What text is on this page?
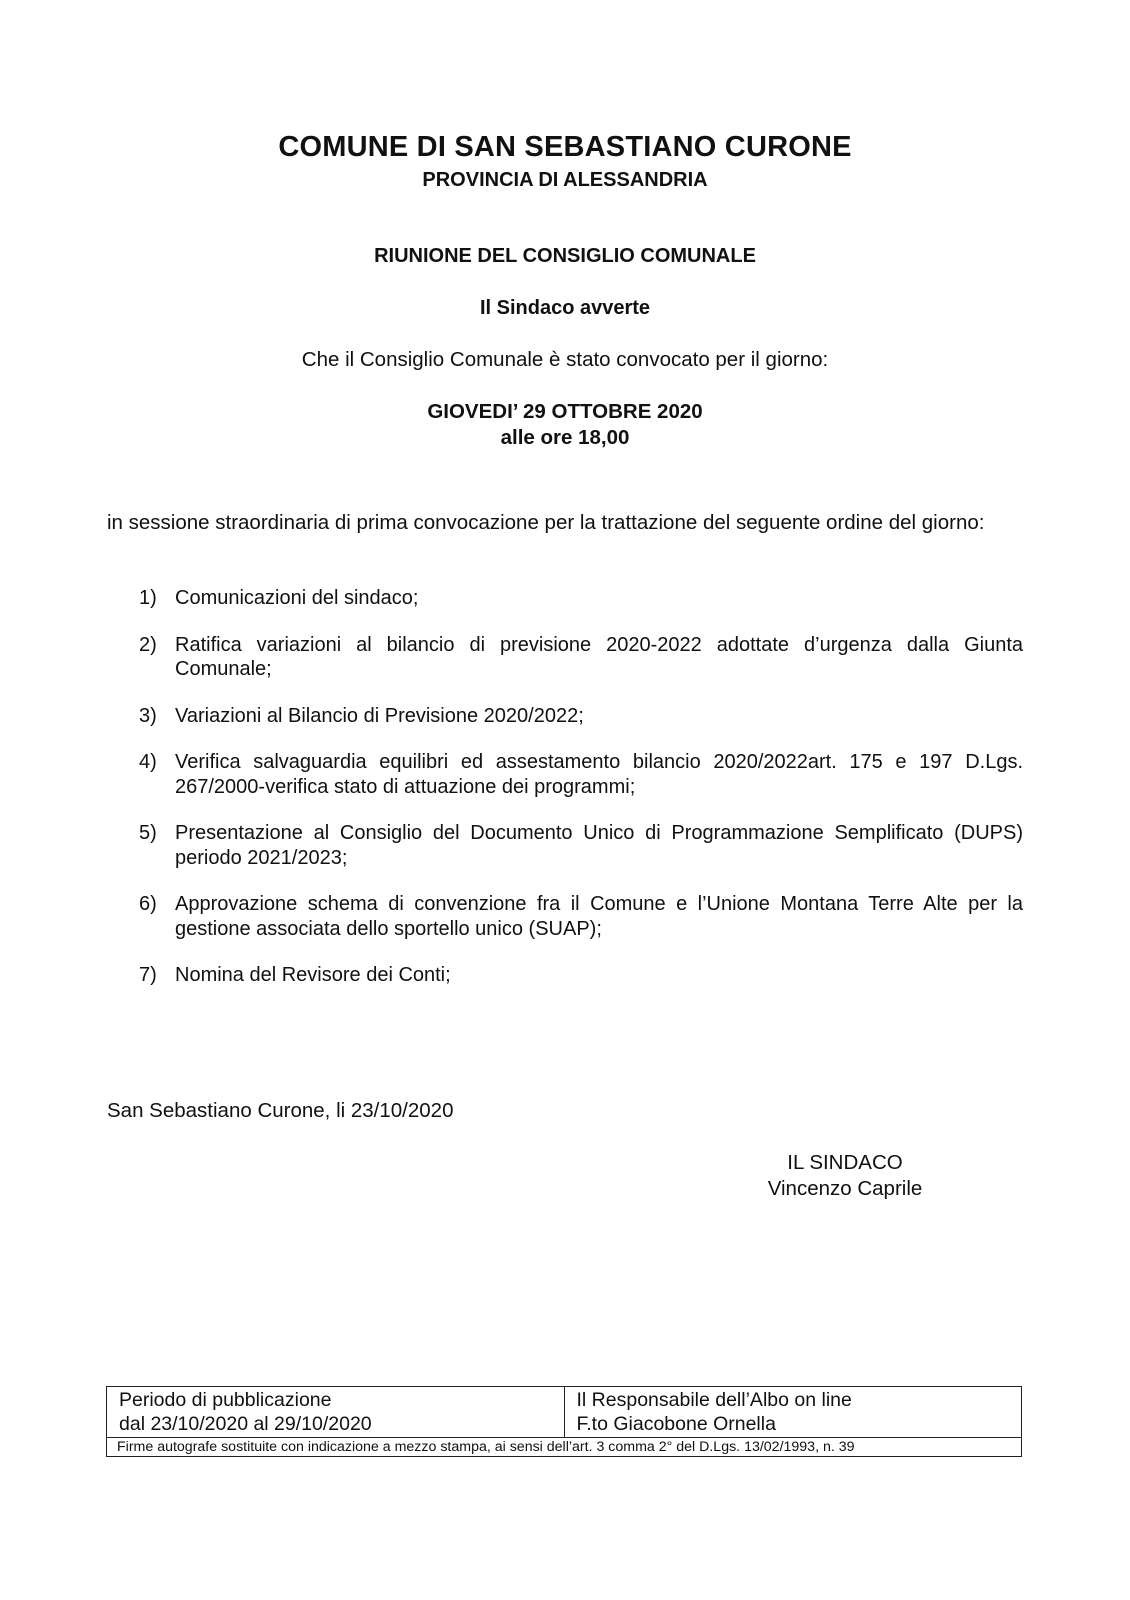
COMUNE DI SAN SEBASTIANO CURONE
PROVINCIA DI ALESSANDRIA
RIUNIONE DEL CONSIGLIO COMUNALE
Il Sindaco avverte
Che il Consiglio Comunale è stato convocato per il giorno:
GIOVEDI’ 29 OTTOBRE 2020
alle ore 18,00
in sessione straordinaria di prima convocazione per la trattazione del seguente ordine del giorno:
1) Comunicazioni del sindaco;
2) Ratifica variazioni al bilancio di previsione 2020-2022 adottate d’urgenza dalla Giunta Comunale;
3) Variazioni al Bilancio di Previsione 2020/2022;
4) Verifica salvaguardia equilibri ed assestamento bilancio 2020/2022art. 175 e 197 D.Lgs. 267/2000-verifica stato di attuazione dei programmi;
5) Presentazione al Consiglio del Documento Unico di Programmazione Semplificato (DUPS) periodo 2021/2023;
6) Approvazione schema di convenzione fra il Comune e l’Unione Montana Terre Alte per la gestione associata dello sportello unico (SUAP);
7) Nomina del Revisore dei Conti;
San Sebastiano Curone, li 23/10/2020
IL SINDACO
Vincenzo Caprile
Periodo di pubblicazione
dal 23/10/2020 al 29/10/2020

Il Responsabile dell’Albo on line
F.to Giacobone Ornella

Firme autografe sostituite con indicazione a mezzo stampa, ai sensi dell’art. 3 comma 2° del D.Lgs. 13/02/1993, n. 39
